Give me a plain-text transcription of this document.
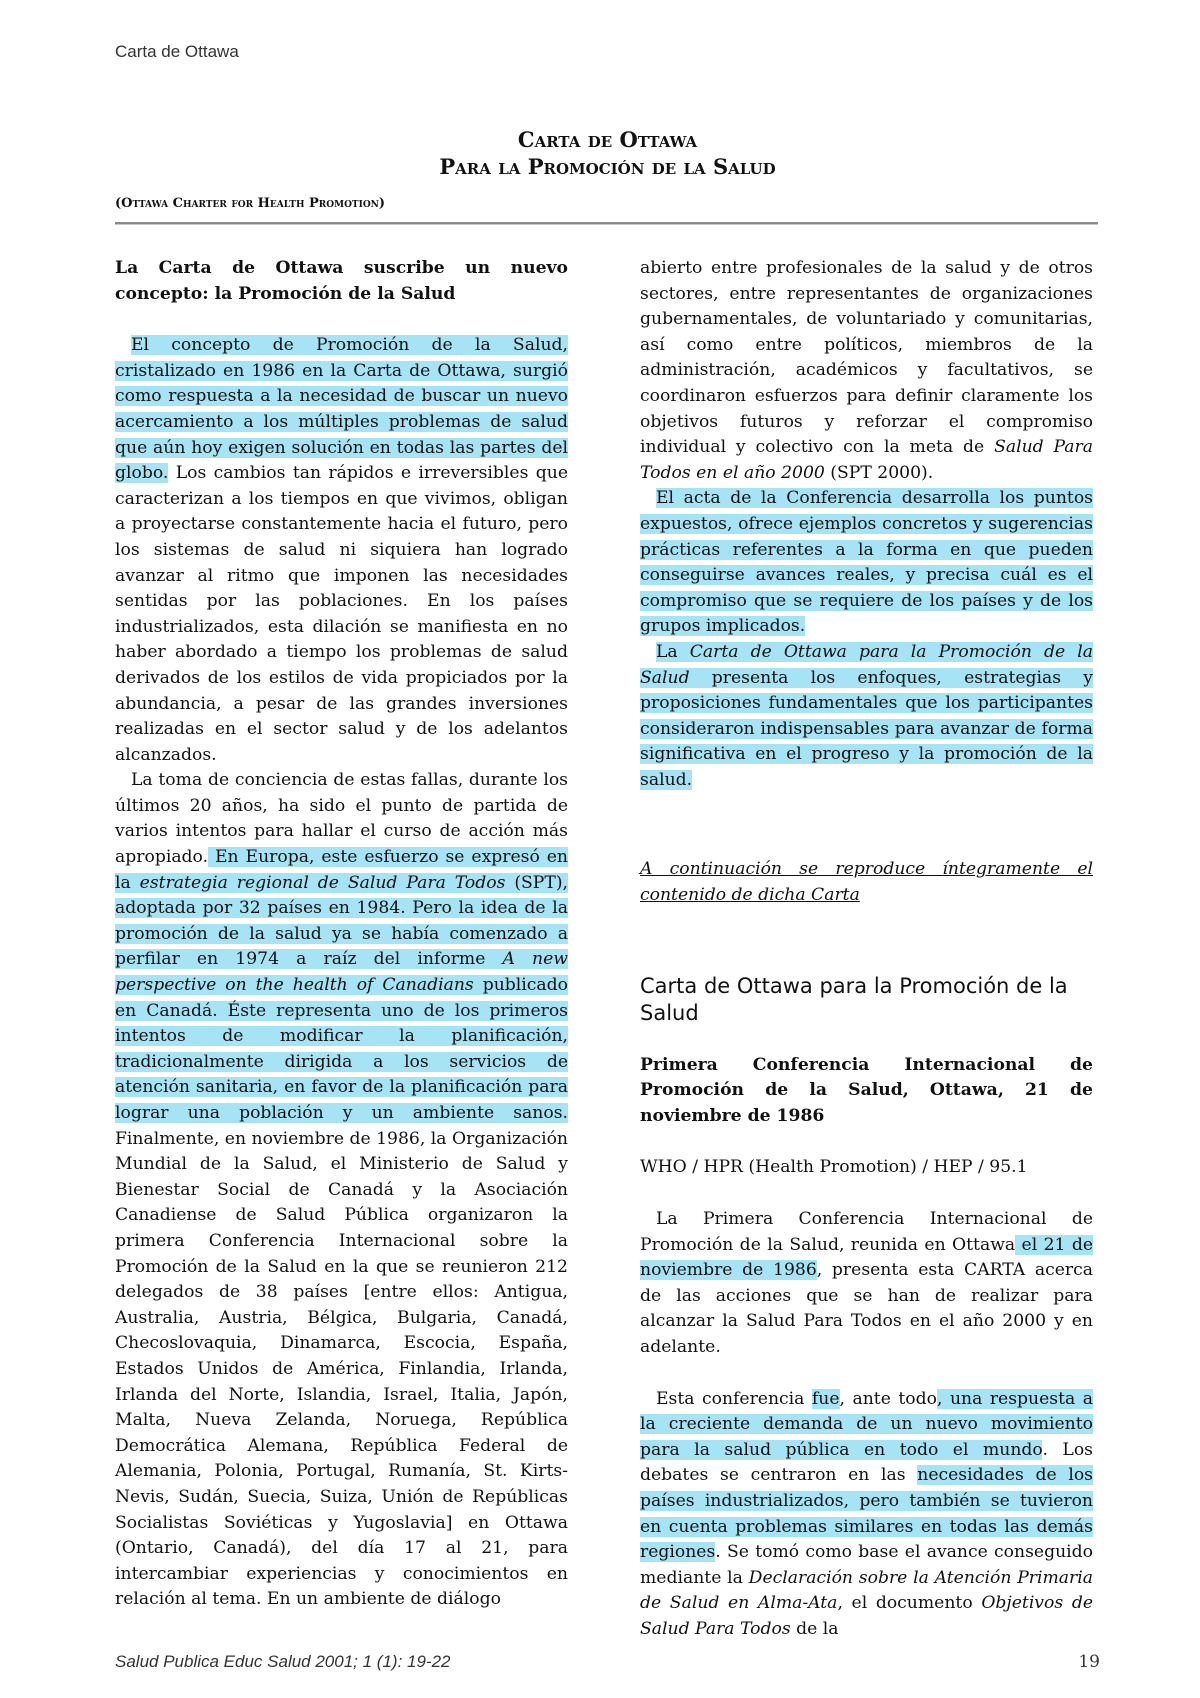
Carta de Ottawa
Carta de Ottawa
Para la Promoción de la Salud
(Ottawa Charter for Health Promotion)

La Carta de Ottawa suscribe un nuevo concepto: la Promoción de la Salud

El concepto de Promoción de la Salud, cristalizado en 1986 en la Carta de Ottawa, surgió como respuesta a la necesidad de buscar un nuevo acercamiento a los múltiples problemas de salud que aún hoy exigen solución en todas las partes del globo. Los cambios tan rápidos e irreversibles que caracterizan a los tiempos en que vivimos, obligan a proyectarse constantemente hacia el futuro, pero los sistemas de salud ni siquiera han logrado avanzar al ritmo que imponen las necesidades sentidas por las poblaciones. En los países industrializados, esta dilación se manifiesta en no haber abordado a tiempo los problemas de salud derivados de los estilos de vida propiciados por la abundancia, a pesar de las grandes inversiones realizadas en el sector salud y de los adelantos alcanzados.

La toma de conciencia de estas fallas, durante los últimos 20 años, ha sido el punto de partida de varios intentos para hallar el curso de acción más apropiado. En Europa, este esfuerzo se expresó en la estrategia regional de Salud Para Todos (SPT), adoptada por 32 países en 1984. Pero la idea de la promoción de la salud ya se había comenzado a perfilar en 1974 a raíz del informe A new perspective on the health of Canadians publicado en Canadá. Éste representa uno de los primeros intentos de modificar la planificación, tradicionalmente dirigida a los servicios de atención sanitaria, en favor de la planificación para lograr una población y un ambiente sanos. Finalmente, en noviembre de 1986, la Organización Mundial de la Salud, el Ministerio de Salud y Bienestar Social de Canadá y la Asociación Canadiense de Salud Pública organizaron la primera Conferencia Internacional sobre la Promoción de la Salud en la que se reunieron 212 delegados de 38 países [entre ellos: Antigua, Australia, Austria, Bélgica, Bulgaria, Canadá, Checoslovaquia, Dinamarca, Escocia, España, Estados Unidos de América, Finlandia, Irlanda, Irlanda del Norte, Islandia, Israel, Italia, Japón, Malta, Nueva Zelanda, Noruega, República Democrática Alemana, República Federal de Alemania, Polonia, Portugal, Rumanía, St. Kirts-Nevis, Sudán, Suecia, Suiza, Unión de Repúblicas Socialistas Soviéticas y Yugoslavia] en Ottawa (Ontario, Canadá), del día 17 al 21, para intercambiar experiencias y conocimientos en relación al tema. En un ambiente de diálogo

abierto entre profesionales de la salud y de otros sectores, entre representantes de organizaciones gubernamentales, de voluntariado y comunitarias, así como entre políticos, miembros de la administración, académicos y facultativos, se coordinaron esfuerzos para definir claramente los objetivos futuros y reforzar el compromiso individual y colectivo con la meta de Salud Para Todos en el año 2000 (SPT 2000).

El acta de la Conferencia desarrolla los puntos expuestos, ofrece ejemplos concretos y sugerencias prácticas referentes a la forma en que pueden conseguirse avances reales, y precisa cuál es el compromiso que se requiere de los países y de los grupos implicados.

La Carta de Ottawa para la Promoción de la Salud presenta los enfoques, estrategias y proposiciones fundamentales que los participantes consideraron indispensables para avanzar de forma significativa en el progreso y la promoción de la salud.

A continuación se reproduce íntegramente el contenido de dicha Carta

Carta de Ottawa para la Promoción de la Salud

Primera Conferencia Internacional de Promoción de la Salud, Ottawa, 21 de noviembre de 1986

WHO / HPR (Health Promotion) / HEP / 95.1

La Primera Conferencia Internacional de Promoción de la Salud, reunida en Ottawa el 21 de noviembre de 1986, presenta esta CARTA acerca de las acciones que se han de realizar para alcanzar la Salud Para Todos en el año 2000 y en adelante.

Esta conferencia fue, ante todo, una respuesta a la creciente demanda de un nuevo movimiento para la salud pública en todo el mundo. Los debates se centraron en las necesidades de los países industrializados, pero también se tuvieron en cuenta problemas similares en todas las demás regiones. Se tomó como base el avance conseguido mediante la Declaración sobre la Atención Primaria de Salud en Alma-Ata, el documento Objetivos de Salud Para Todos de la

Salud Publica Educ Salud 2001; 1 (1): 19-22	19
